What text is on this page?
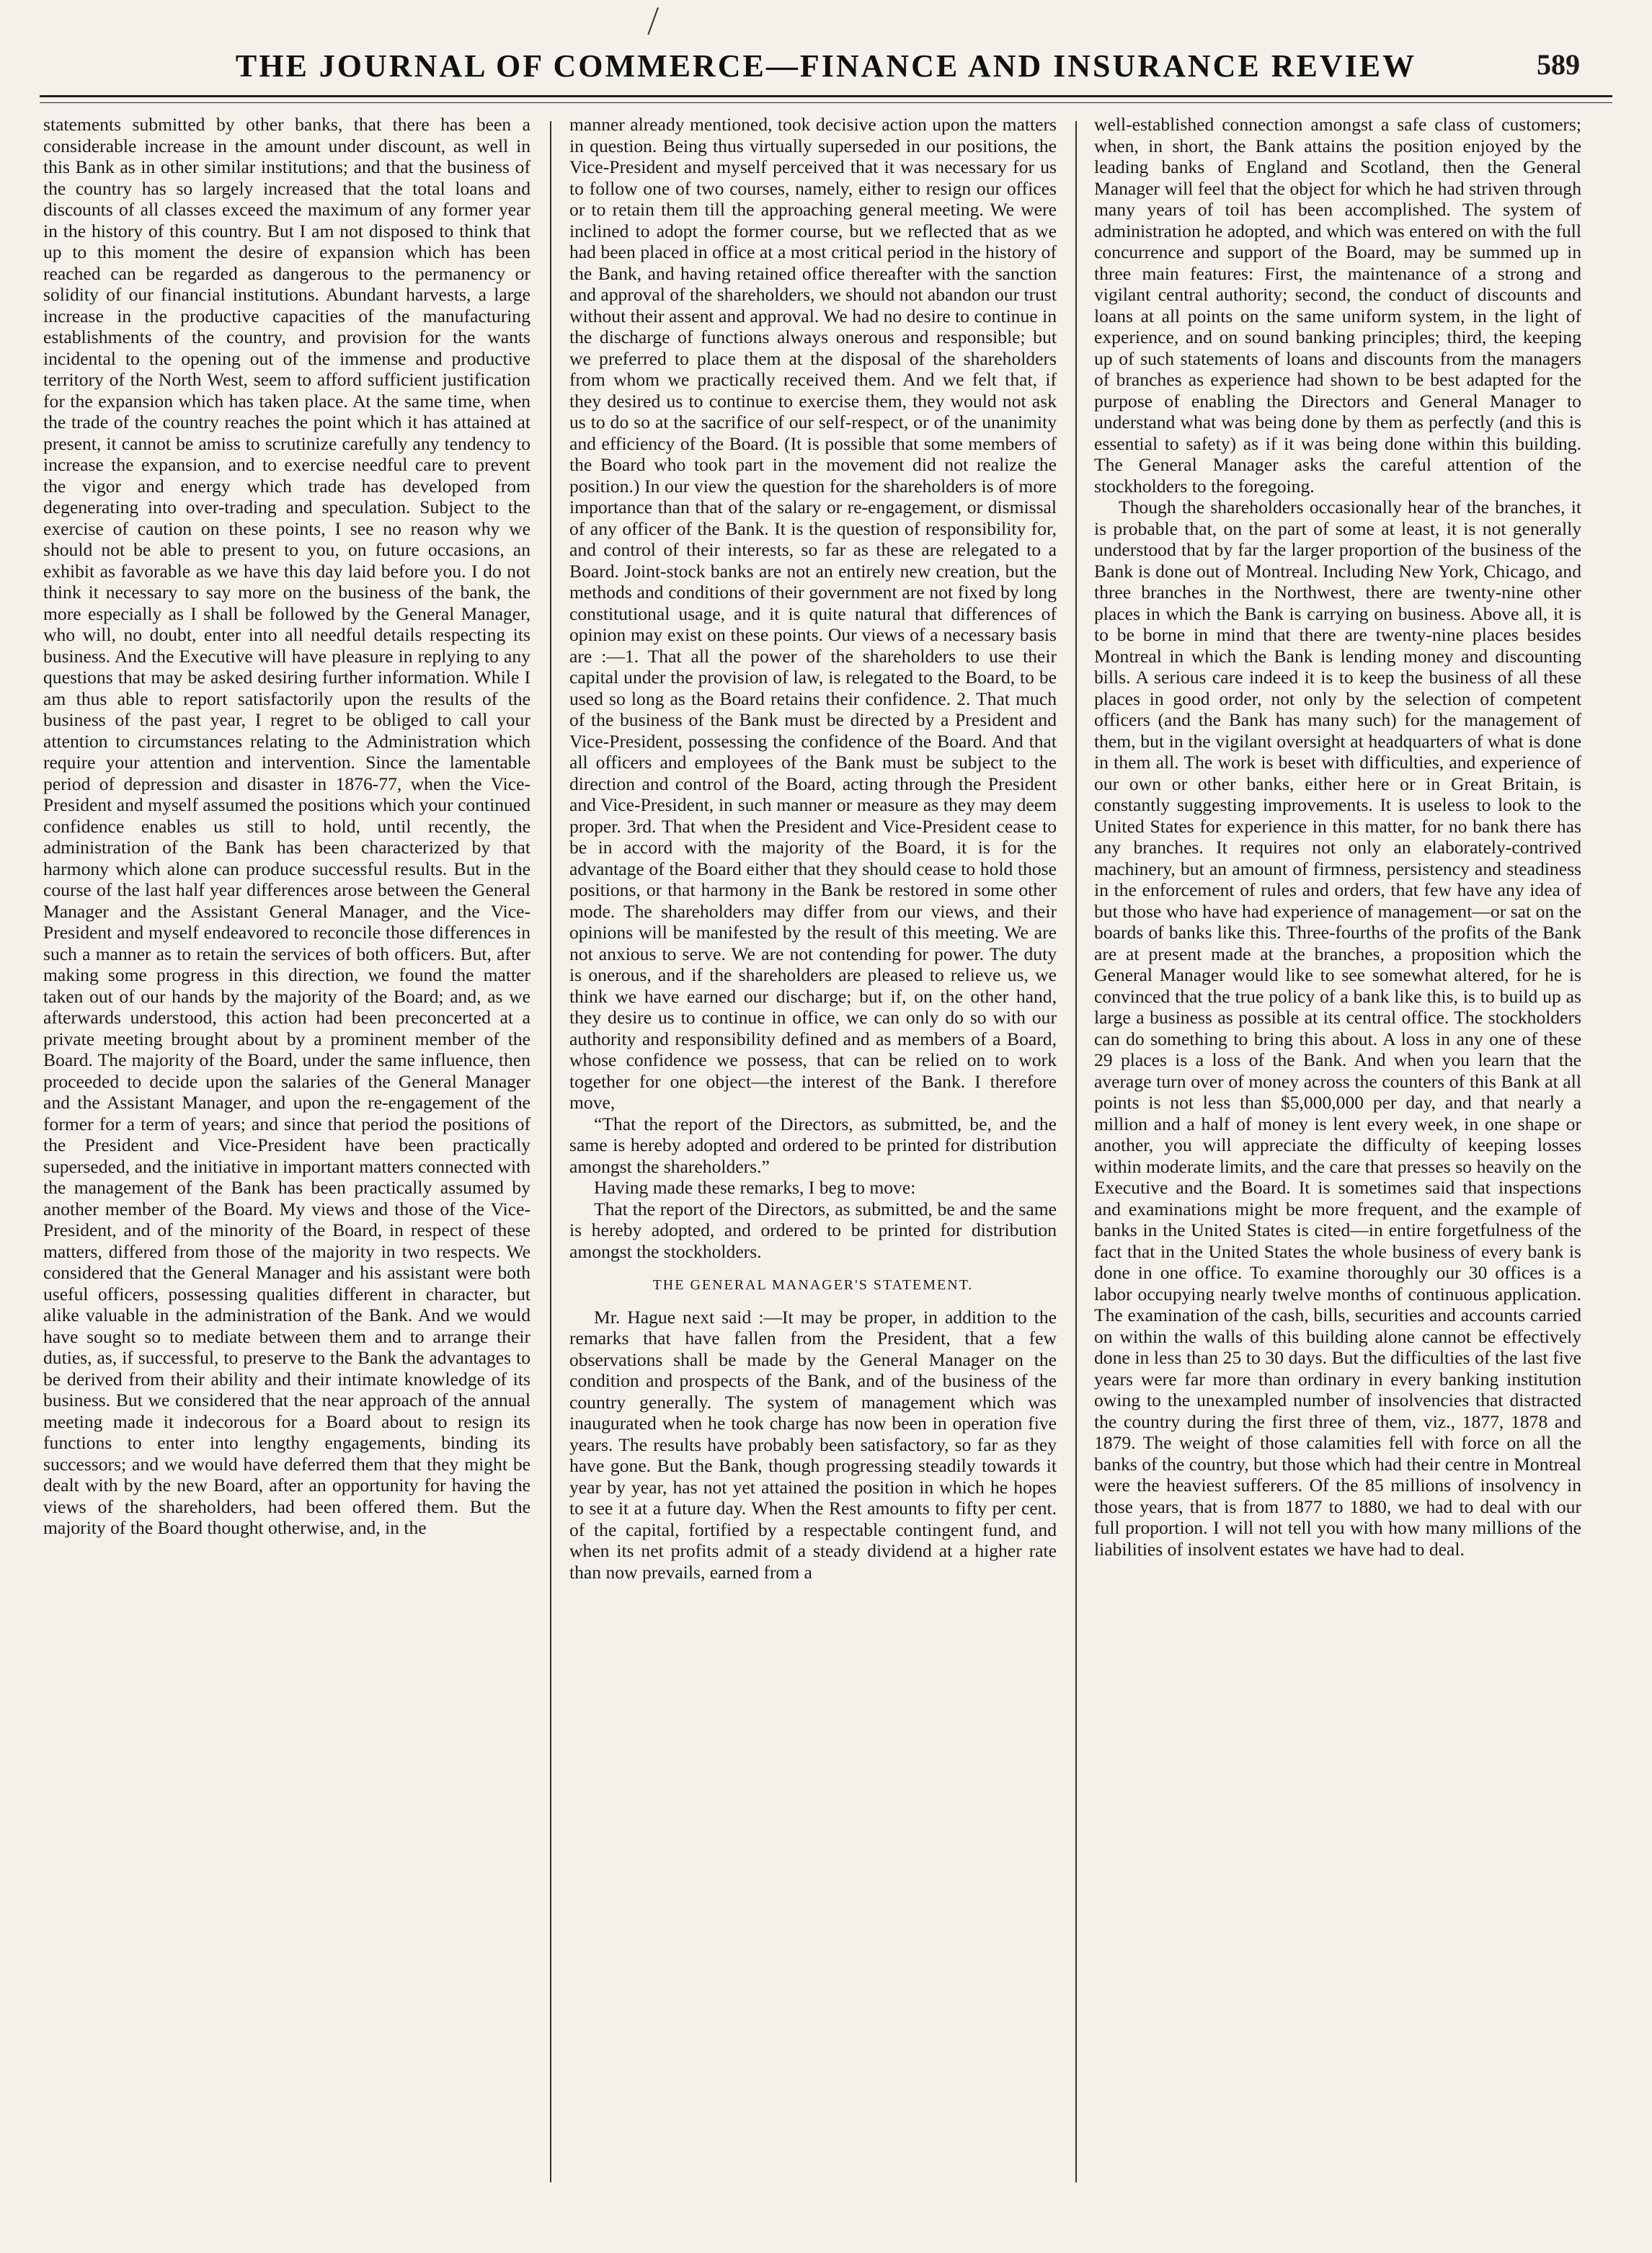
THE JOURNAL OF COMMERCE—FINANCE AND INSURANCE REVIEW	589

statements submitted by other banks, that there has been a considerable increase in the amount under discount, as well in this Bank as in other similar institutions; and that the business of the country has so largely increased that the total loans and discounts of all classes exceed the maximum of any former year in the history of this country. But I am not disposed to think that up to this moment the desire of expansion which has been reached can be regarded as dangerous to the permanency or solidity of our financial institutions. Abundant harvests, a large increase in the productive capacities of the manufacturing establishments of the country, and provision for the wants incidental to the opening out of the immense and productive territory of the North West, seem to afford sufficient justification for the expansion which has taken place. At the same time, when the trade of the country reaches the point which it has attained at present, it cannot be amiss to scrutinize carefully any tendency to increase the expansion, and to exercise needful care to prevent the vigor and energy which trade has developed from degenerating into over-trading and speculation. Subject to the exercise of caution on these points, I see no reason why we should not be able to present to you, on future occasions, an exhibit as favorable as we have this day laid before you. I do not think it necessary to say more on the business of the bank, the more especially as I shall be followed by the General Manager, who will, no doubt, enter into all needful details respecting its business. And the Executive will have pleasure in replying to any questions that may be asked desiring further information. While I am thus able to report satisfactorily upon the results of the business of the past year, I regret to be obliged to call your attention to circumstances relating to the Administration which require your attention and intervention. Since the lamentable period of depression and disaster in 1876-77, when the Vice-President and myself assumed the positions which your continued confidence enables us still to hold, until recently, the administration of the Bank has been characterized by that harmony which alone can produce successful results. But in the course of the last half year differences arose between the General Manager and the Assistant General Manager, and the Vice-President and myself endeavored to reconcile those differences in such a manner as to retain the services of both officers. But, after making some progress in this direction, we found the matter taken out of our hands by the majority of the Board; and, as we afterwards understood, this action had been preconcerted at a private meeting brought about by a prominent member of the Board. The majority of the Board, under the same influence, then proceeded to decide upon the salaries of the General Manager and the Assistant Manager, and upon the re-engagement of the former for a term of years; and since that period the positions of the President and Vice-President have been practically superseded, and the initiative in important matters connected with the management of the Bank has been practically assumed by another member of the Board. My views and those of the Vice-President, and of the minority of the Board, in respect of these matters, differed from those of the majority in two respects. We considered that the General Manager and his assistant were both useful officers, possessing qualities different in character, but alike valuable in the administration of the Bank. And we would have sought so to mediate between them and to arrange their duties, as, if successful, to preserve to the Bank the advantages to be derived from their ability and their intimate knowledge of its business. But we considered that the near approach of the annual meeting made it indecorous for a Board about to resign its functions to enter into lengthy engagements, binding its successors; and we would have deferred them that they might be dealt with by the new Board, after an opportunity for having the views of the shareholders, had been offered them. But the majority of the Board thought otherwise, and, in the

manner already mentioned, took decisive action upon the matters in question. Being thus virtually superseded in our positions, the Vice-President and myself perceived that it was necessary for us to follow one of two courses, namely, either to resign our offices or to retain them till the approaching general meeting. We were inclined to adopt the former course, but we reflected that as we had been placed in office at a most critical period in the history of the Bank, and having retained office thereafter with the sanction and approval of the shareholders, we should not abandon our trust without their assent and approval. We had no desire to continue in the discharge of functions always onerous and responsible; but we preferred to place them at the disposal of the shareholders from whom we practically received them. And we felt that, if they desired us to continue to exercise them, they would not ask us to do so at the sacrifice of our self-respect, or of the unanimity and efficiency of the Board. (It is possible that some members of the Board who took part in the movement did not realize the position.) In our view the question for the shareholders is of more importance than that of the salary or re-engagement, or dismissal of any officer of the Bank. It is the question of responsibility for, and control of their interests, so far as these are relegated to a Board. Joint-stock banks are not an entirely new creation, but the methods and conditions of their government are not fixed by long constitutional usage, and it is quite natural that differences of opinion may exist on these points. Our views of a necessary basis are :—1. That all the power of the shareholders to use their capital under the provision of law, is relegated to the Board, to be used so long as the Board retains their confidence. 2. That much of the business of the Bank must be directed by a President and Vice-President, possessing the confidence of the Board. And that all officers and employees of the Bank must be subject to the direction and control of the Board, acting through the President and Vice-President, in such manner or measure as they may deem proper. 3rd. That when the President and Vice-President cease to be in accord with the majority of the Board, it is for the advantage of the Board either that they should cease to hold those positions, or that harmony in the Bank be restored in some other mode. The shareholders may differ from our views, and their opinions will be manifested by the result of this meeting. We are not anxious to serve. We are not contending for power. The duty is onerous, and if the shareholders are pleased to relieve us, we think we have earned our discharge; but if, on the other hand, they desire us to continue in office, we can only do so with our authority and responsibility defined and as members of a Board, whose confidence we possess, that can be relied on to work together for one object—the interest of the Bank. I therefore move,

“That the report of the Directors, as submitted, be, and the same is hereby adopted and ordered to be printed for distribution amongst the shareholders.”

Having made these remarks, I beg to move:

That the report of the Directors, as submitted, be and the same is hereby adopted, and ordered to be printed for distribution amongst the stockholders.

THE GENERAL MANAGER'S STATEMENT.

Mr. Hague next said :—It may be proper, in addition to the remarks that have fallen from the President, that a few observations shall be made by the General Manager on the condition and prospects of the Bank, and of the business of the country generally. The system of management which was inaugurated when he took charge has now been in operation five years. The results have probably been satisfactory, so far as they have gone. But the Bank, though progressing steadily towards it year by year, has not yet attained the position in which he hopes to see it at a future day. When the Rest amounts to fifty per cent. of the capital, fortified by a respectable contingent fund, and when its net profits admit of a steady dividend at a higher rate than now prevails, earned from a

well-established connection amongst a safe class of customers; when, in short, the Bank attains the position enjoyed by the leading banks of England and Scotland, then the General Manager will feel that the object for which he had striven through many years of toil has been accomplished. The system of administration he adopted, and which was entered on with the full concurrence and support of the Board, may be summed up in three main features: First, the maintenance of a strong and vigilant central authority; second, the conduct of discounts and loans at all points on the same uniform system, in the light of experience, and on sound banking principles; third, the keeping up of such statements of loans and discounts from the managers of branches as experience had shown to be best adapted for the purpose of enabling the Directors and General Manager to understand what was being done by them as perfectly (and this is essential to safety) as if it was being done within this building. The General Manager asks the careful attention of the stockholders to the foregoing.

Though the shareholders occasionally hear of the branches, it is probable that, on the part of some at least, it is not generally understood that by far the larger proportion of the business of the Bank is done out of Montreal. Including New York, Chicago, and three branches in the Northwest, there are twenty-nine other places in which the Bank is carrying on business. Above all, it is to be borne in mind that there are twenty-nine places besides Montreal in which the Bank is lending money and discounting bills. A serious care indeed it is to keep the business of all these places in good order, not only by the selection of competent officers (and the Bank has many such) for the management of them, but in the vigilant oversight at headquarters of what is done in them all. The work is beset with difficulties, and experience of our own or other banks, either here or in Great Britain, is constantly suggesting improvements. It is useless to look to the United States for experience in this matter, for no bank there has any branches. It requires not only an elaborately-contrived machinery, but an amount of firmness, persistency and steadiness in the enforcement of rules and orders, that few have any idea of but those who have had experience of management—or sat on the boards of banks like this. Three-fourths of the profits of the Bank are at present made at the branches, a proposition which the General Manager would like to see somewhat altered, for he is convinced that the true policy of a bank like this, is to build up as large a business as possible at its central office. The stockholders can do something to bring this about. A loss in any one of these 29 places is a loss of the Bank. And when you learn that the average turn over of money across the counters of this Bank at all points is not less than $5,000,000 per day, and that nearly a million and a half of money is lent every week, in one shape or another, you will appreciate the difficulty of keeping losses within moderate limits, and the care that presses so heavily on the Executive and the Board. It is sometimes said that inspections and examinations might be more frequent, and the example of banks in the United States is cited—in entire forgetfulness of the fact that in the United States the whole business of every bank is done in one office. To examine thoroughly our 30 offices is a labor occupying nearly twelve months of continuous application. The examination of the cash, bills, securities and accounts carried on within the walls of this building alone cannot be effectively done in less than 25 to 30 days. But the difficulties of the last five years were far more than ordinary in every banking institution owing to the unexampled number of insolvencies that distracted the country during the first three of them, viz., 1877, 1878 and 1879. The weight of those calamities fell with force on all the banks of the country, but those which had their centre in Montreal were the heaviest sufferers. Of the 85 millions of insolvency in those years, that is from 1877 to 1880, we had to deal with our full proportion. I will not tell you with how many millions of the liabilities of insolvent estates we have had to deal.
